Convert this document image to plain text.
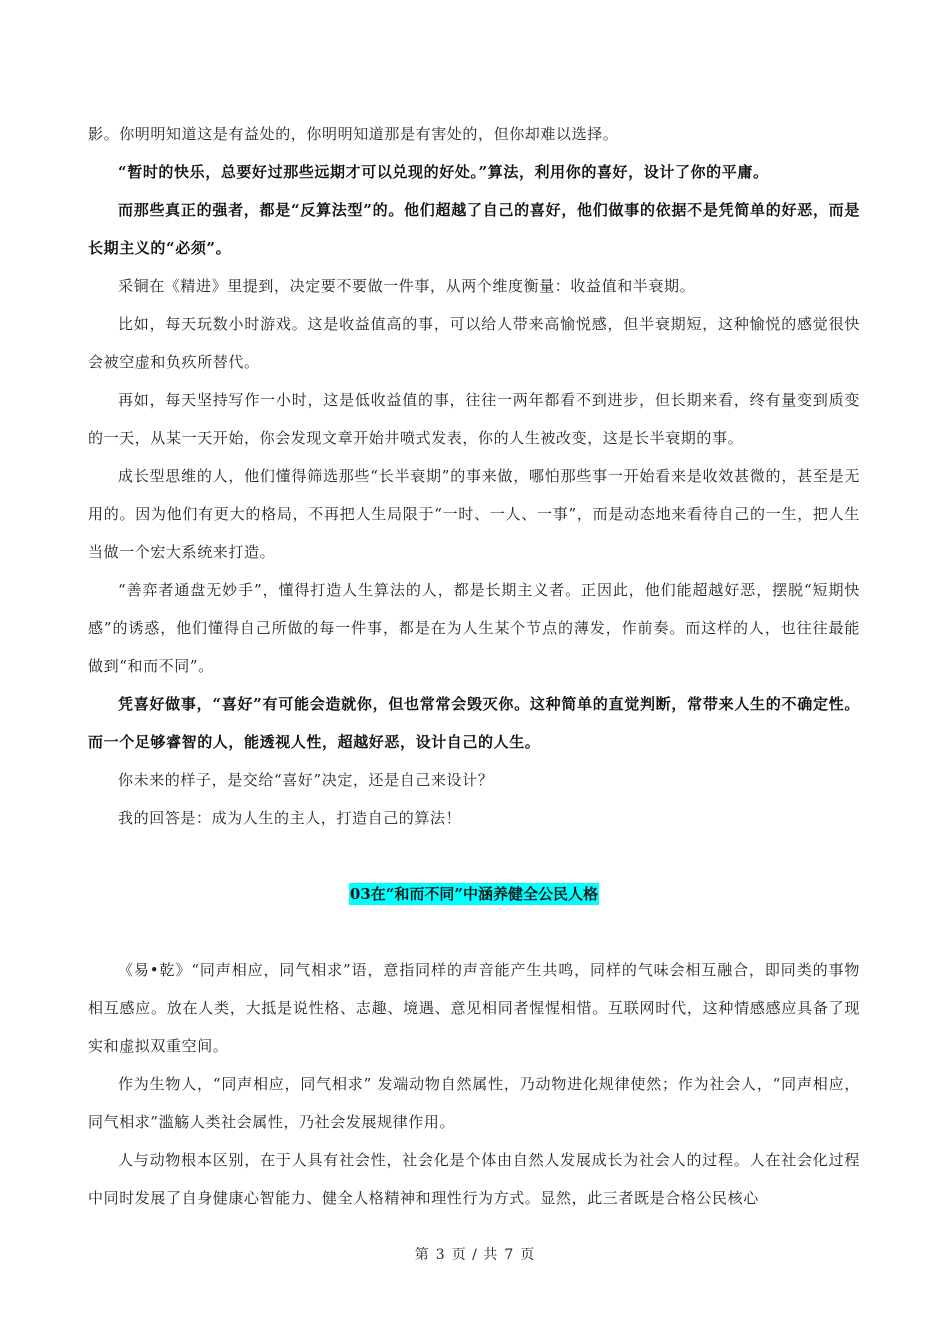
影。你明明知道这是有益处的，你明明知道那是有害处的，但你却难以选择。

“暂时的快乐，总要好过那些远期才可以兑现的好处。”算法，利用你的喜好，设计了你的平庸。

而那些真正的强者，都是“反算法型”的。他们超越了自己的喜好，他们做事的依据不是凭简单的好恶，而是长期主义的“必须”。

采铜在《精进》里提到，决定要不要做一件事，从两个维度衡量：收益值和半衰期。

比如，每天玩数小时游戏。这是收益值高的事，可以给人带来高愉悦感，但半衰期短，这种愉悦的感觉很快会被空虚和负疚所替代。

再如，每天坚持写作一小时，这是低收益值的事，往往一两年都看不到进步，但长期来看，终有量变到质变的一天，从某一天开始，你会发现文章开始井喷式发表，你的人生被改变，这是长半衰期的事。

成长型思维的人，他们懂得筛选那些“长半衰期”的事来做，哪怕那些事一开始看来是收效甚微的，甚至是无用的。因为他们有更大的格局，不再把人生局限于“一时、一人、一事”，而是动态地来看待自己的一生，把人生当做一个宏大系统来打造。

“善弈者通盘无妙手”，懂得打造人生算法的人，都是长期主义者。正因此，他们能超越好恶，摆脱“短期快感”的诱惑，他们懂得自己所做的每一件事，都是在为人生某个节点的薄发，作前奏。而这样的人，也往往最能做到“和而不同”。

凭喜好做事，“喜好”有可能会造就你，但也常常会毁灭你。这种简单的直觉判断，常带来人生的不确定性。而一个足够睿智的人，能透视人性，超越好恶，设计自己的人生。

你未来的样子，是交给“喜好”决定，还是自己来设计？

我的回答是：成为人生的主人，打造自己的算法！

03在“和而不同”中涵养健全公民人格

《易•乾》“同声相应，同气相求”语，意指同样的声音能产生共鸣，同样的气味会相互融合，即同类的事物相互感应。放在人类，大抵是说性格、志趣、境遇、意见相同者惺惺相惜。互联网时代，这种情感感应具备了现实和虚拟双重空间。

作为生物人，“同声相应，同气相求” 发端动物自然属性，乃动物进化规律使然；作为社会人，“同声相应，同气相求”滥觞人类社会属性，乃社会发展规律作用。

人与动物根本区别，在于人具有社会性，社会化是个体由自然人发展成长为社会人的过程。人在社会化过程中同时发展了自身健康心智能力、健全人格精神和理性行为方式。显然，此三者既是合格公民核心

第 3 页 / 共 7 页
